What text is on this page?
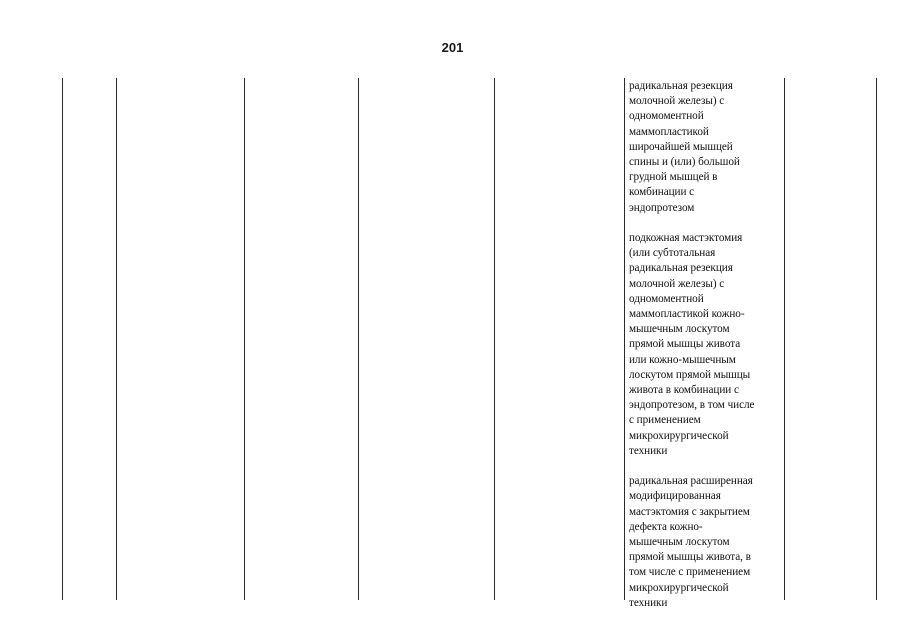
201

радикальная резекция
молочной железы) с
одномоментной
маммопластикой
широчайшей мышцей
спины и (или) большой
грудной мышцей в
комбинации с
эндопротезом

подкожная мастэктомия
(или субтотальная
радикальная резекция
молочной железы) с
одномоментной
маммопластикой кожно-
мышечным лоскутом
прямой мышцы живота
или кожно-мышечным
лоскутом прямой мышцы
живота в комбинации с
эндопротезом, в том числе
с применением
микрохирургической
техники

радикальная расширенная
модифицированная
мастэктомия с закрытием
дефекта кожно-
мышечным лоскутом
прямой мышцы живота, в
том числе с применением
микрохирургической
техники
